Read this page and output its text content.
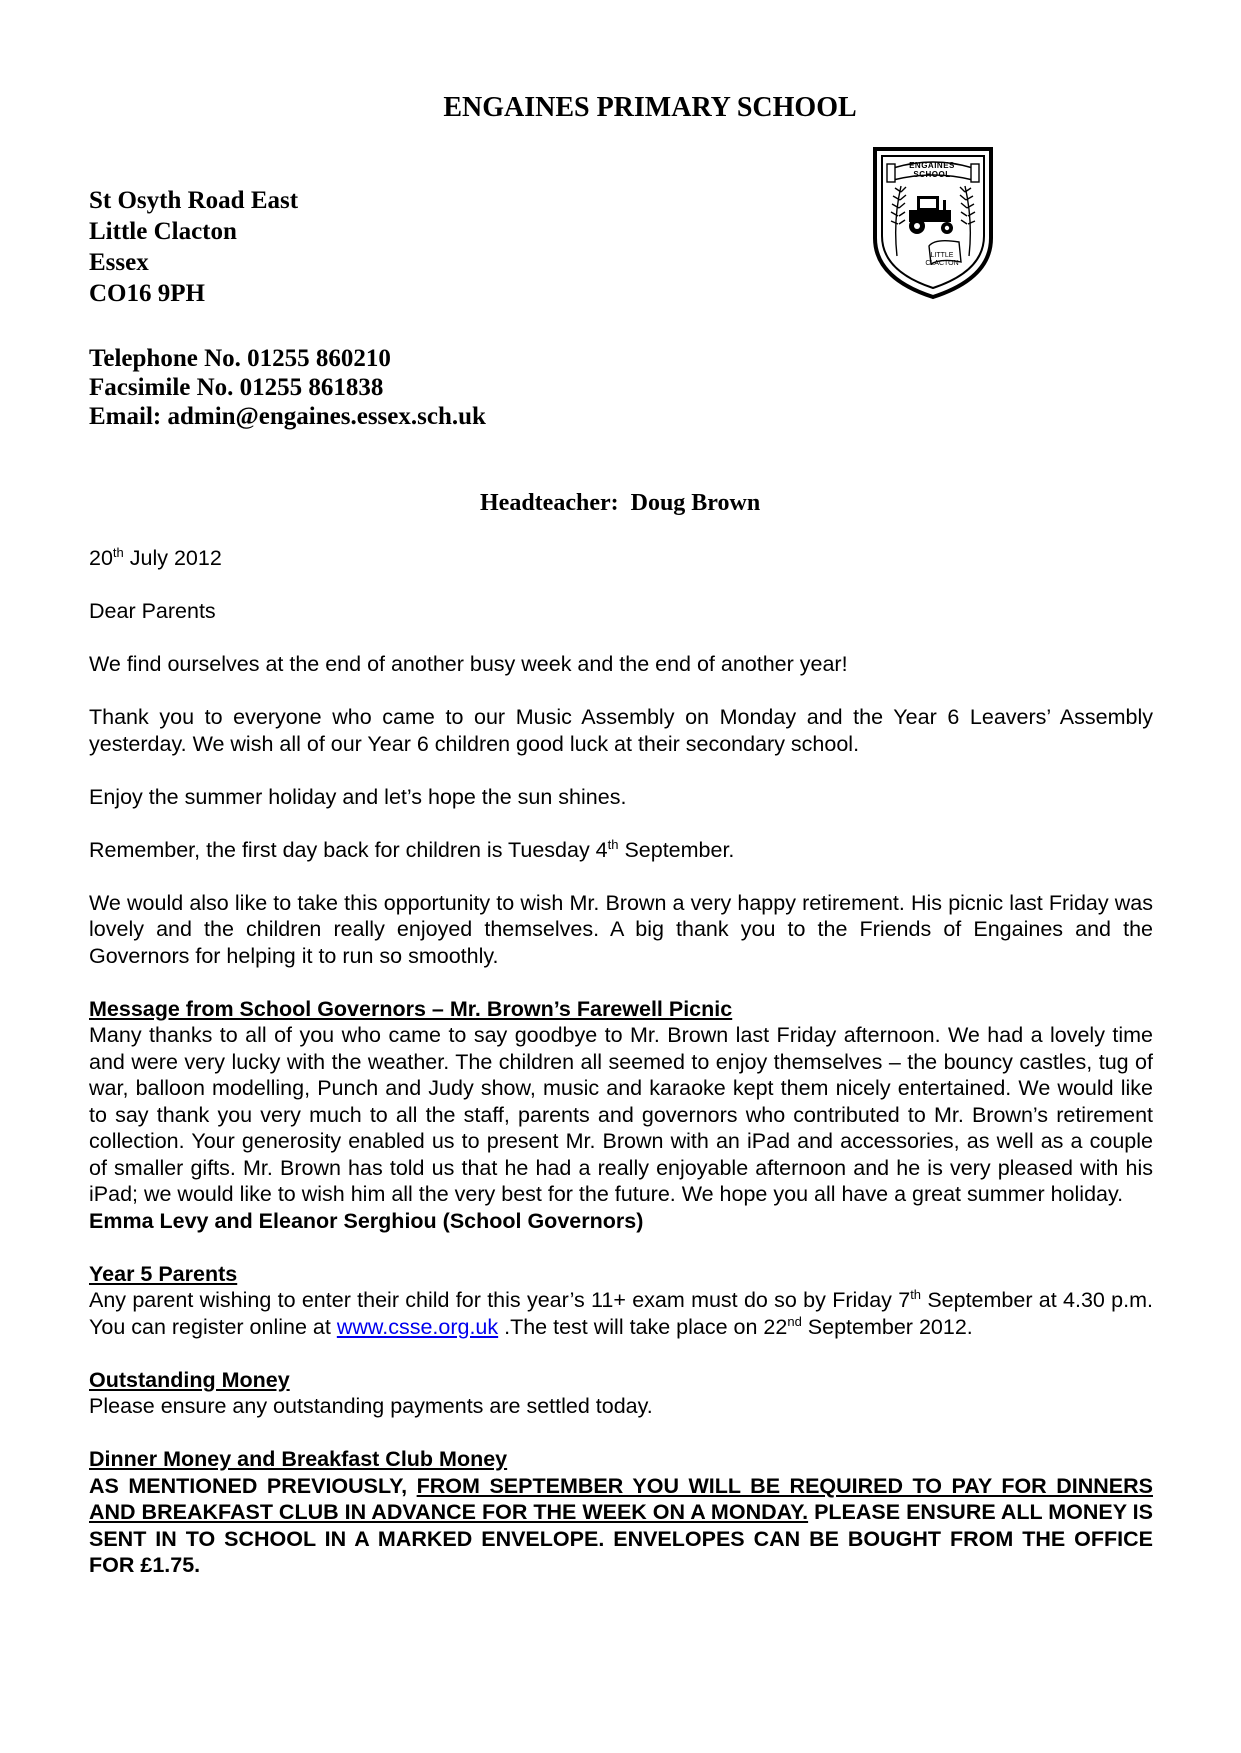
ENGAINES PRIMARY SCHOOL
St Osyth Road East
Little Clacton
Essex
CO16 9PH
Telephone No. 01255 860210
Facsimile No. 01255 861838
Email: admin@engaines.essex.sch.uk
ENGAINES SCHOOL
LITTLE CLACTON
Headteacher:  Doug Brown

20th July 2012

Dear Parents

We find ourselves at the end of another busy week and the end of another year!

Thank you to everyone who came to our Music Assembly on Monday and the Year 6 Leavers’ Assembly yesterday. We wish all of our Year 6 children good luck at their secondary school.

Enjoy the summer holiday and let’s hope the sun shines.

Remember, the first day back for children is Tuesday 4th September.

We would also like to take this opportunity to wish Mr. Brown a very happy retirement. His picnic last Friday was lovely and the children really enjoyed themselves. A big thank you to the Friends of Engaines and the Governors for helping it to run so smoothly.

Message from School Governors – Mr. Brown’s Farewell Picnic

Many thanks to all of you who came to say goodbye to Mr. Brown last Friday afternoon. We had a lovely time and were very lucky with the weather. The children all seemed to enjoy themselves – the bouncy castles, tug of war, balloon modelling, Punch and Judy show, music and karaoke kept them nicely entertained. We would like to say thank you very much to all the staff, parents and governors who contributed to Mr. Brown’s retirement collection. Your generosity enabled us to present Mr. Brown with an iPad and accessories, as well as a couple of smaller gifts. Mr. Brown has told us that he had a really enjoyable afternoon and he is very pleased with his iPad; we would like to wish him all the very best for the future. We hope you all have a great summer holiday.

Emma Levy and Eleanor Serghiou (School Governors)

Year 5 Parents

Any parent wishing to enter their child for this year’s 11+ exam must do so by Friday 7th September at 4.30 p.m. You can register online at www.csse.org.uk .The test will take place on 22nd September 2012.

Outstanding Money

Please ensure any outstanding payments are settled today.

Dinner Money and Breakfast Club Money

AS MENTIONED PREVIOUSLY, FROM SEPTEMBER YOU WILL BE REQUIRED TO PAY FOR DINNERS AND BREAKFAST CLUB IN ADVANCE FOR THE WEEK ON A MONDAY. PLEASE ENSURE ALL MONEY IS SENT IN TO SCHOOL IN A MARKED ENVELOPE. ENVELOPES CAN BE BOUGHT FROM THE OFFICE FOR £1.75.
